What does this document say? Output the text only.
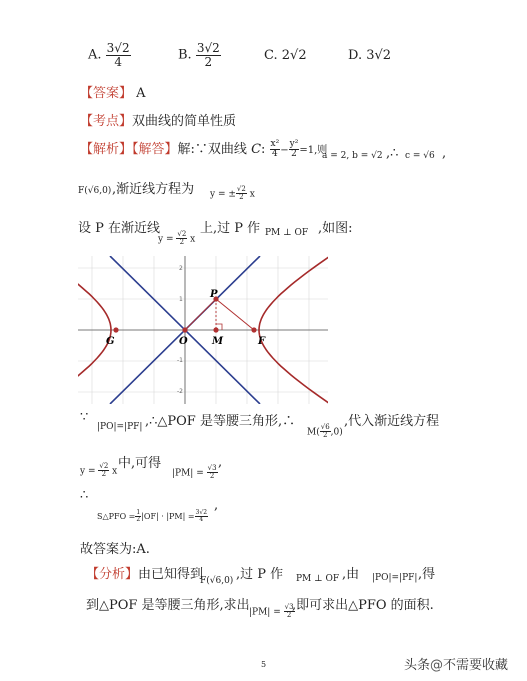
A. $\frac{3√2}{4}$	B. $\frac{3√2}{2}$	C. 2√2	D. 3√2
【答案】 A
【考点】双曲线的简单性质
【解析】【解答】解:∵双曲线 C: $\frac{\text{x²}}{4} - \frac{\text{y²}}{2} =1$,则
a = 2, b = √2 ,∴ c = √6 ,
F(√6,0) ,渐近线方程为 y = ± $\frac{√2}{2}$ x
设 P 在渐近线
$y = \frac{√2}{2}$ x
上,过 P 作 PM ⊥ OF ,如图:
P
O M	F
G
2
1
-1
-2
∵
|PO|=|PF| ,∴△POF 是等腰三角形,∴
$M( \frac{√6}{2} ,0)$
,代入渐近线方程
$y = \frac{√2}{2}$ x
中,可得
$|PM| = \frac{√3}{2}$
,
∴
S△PFO = $\frac{1}{2} |OF| \cdot |PM| = \frac{3√2}{4}$
,
故答案为:A.
【分析】由已知得到
F(√6,0) ,过 P 作 PM ⊥ OF ,由 |PO|=|PF| ,得
到△POF 是等腰三角形,求出 $|PM| = \frac{√3}{2}$
,即可求出△PFO 的面积.
5	头条@不需要收藏
